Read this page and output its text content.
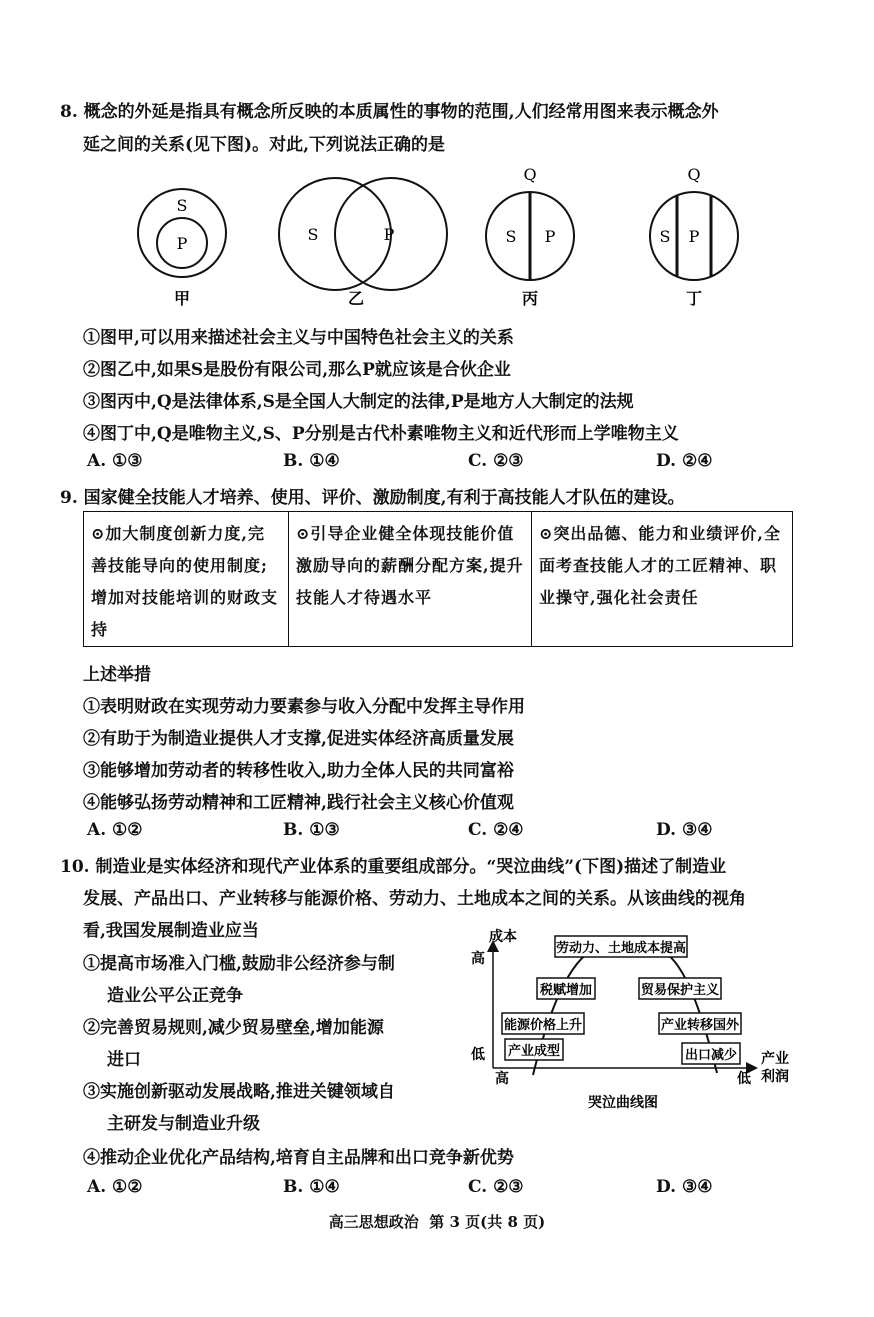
8. 概念的外延是指具有概念所反映的本质属性的事物的范围,人们经常用图来表示概念外
延之间的关系(见下图)。对此,下列说法正确的是
S
P
甲
S	P
乙
Q
S P
丙
Q
S P
丁
①图甲,可以用来描述社会主义与中国特色社会主义的关系
②图乙中,如果S是股份有限公司,那么P就应该是合伙企业
③图丙中,Q是法律体系,S是全国人大制定的法律,P是地方人大制定的法规
④图丁中,Q是唯物主义,S、P分别是古代朴素唯物主义和近代形而上学唯物主义
A. ①③	B. ①④	C. ②③	D. ②④
9. 国家健全技能人才培养、使用、评价、激励制度,有利于高技能人才队伍的建设。
⊙加大制度创新力度,完善技能导向的使用制度;增加对技能培训的财政支持	⊙引导企业健全体现技能价值激励导向的薪酬分配方案,提升技能人才待遇水平	⊙突出品德、能力和业绩评价,全面考查技能人才的工匠精神、职业操守,强化社会责任
上述举措
①表明财政在实现劳动力要素参与收入分配中发挥主导作用
②有助于为制造业提供人才支撑,促进实体经济高质量发展
③能够增加劳动者的转移性收入,助力全体人民的共同富裕
④能够弘扬劳动精神和工匠精神,践行社会主义核心价值观
A. ①②	B. ①③	C. ②④	D. ③④
10. 制造业是实体经济和现代产业体系的重要组成部分。“哭泣曲线”(下图)描述了制造业
发展、产品出口、产业转移与能源价格、劳动力、土地成本之间的关系。从该曲线的视角
看,我国发展制造业应当
①提高市场准入门槛,鼓励非公经济参与制
造业公平公正竞争
②完善贸易规则,减少贸易壁垒,增加能源
进口
③实施创新驱动发展战略,推进关键领域自
主研发与制造业升级
④推动企业优化产品结构,培育自主品牌和出口竞争新优势
成本
高
低
高	低
产业
利润
劳动力、土地成本提高
税赋增加	贸易保护主义
能源价格上升	产业转移国外
产业成型	出口减少
哭泣曲线图
A. ①②	B. ①④	C. ②③	D. ③④
高三思想政治  第 3 页(共 8 页)
